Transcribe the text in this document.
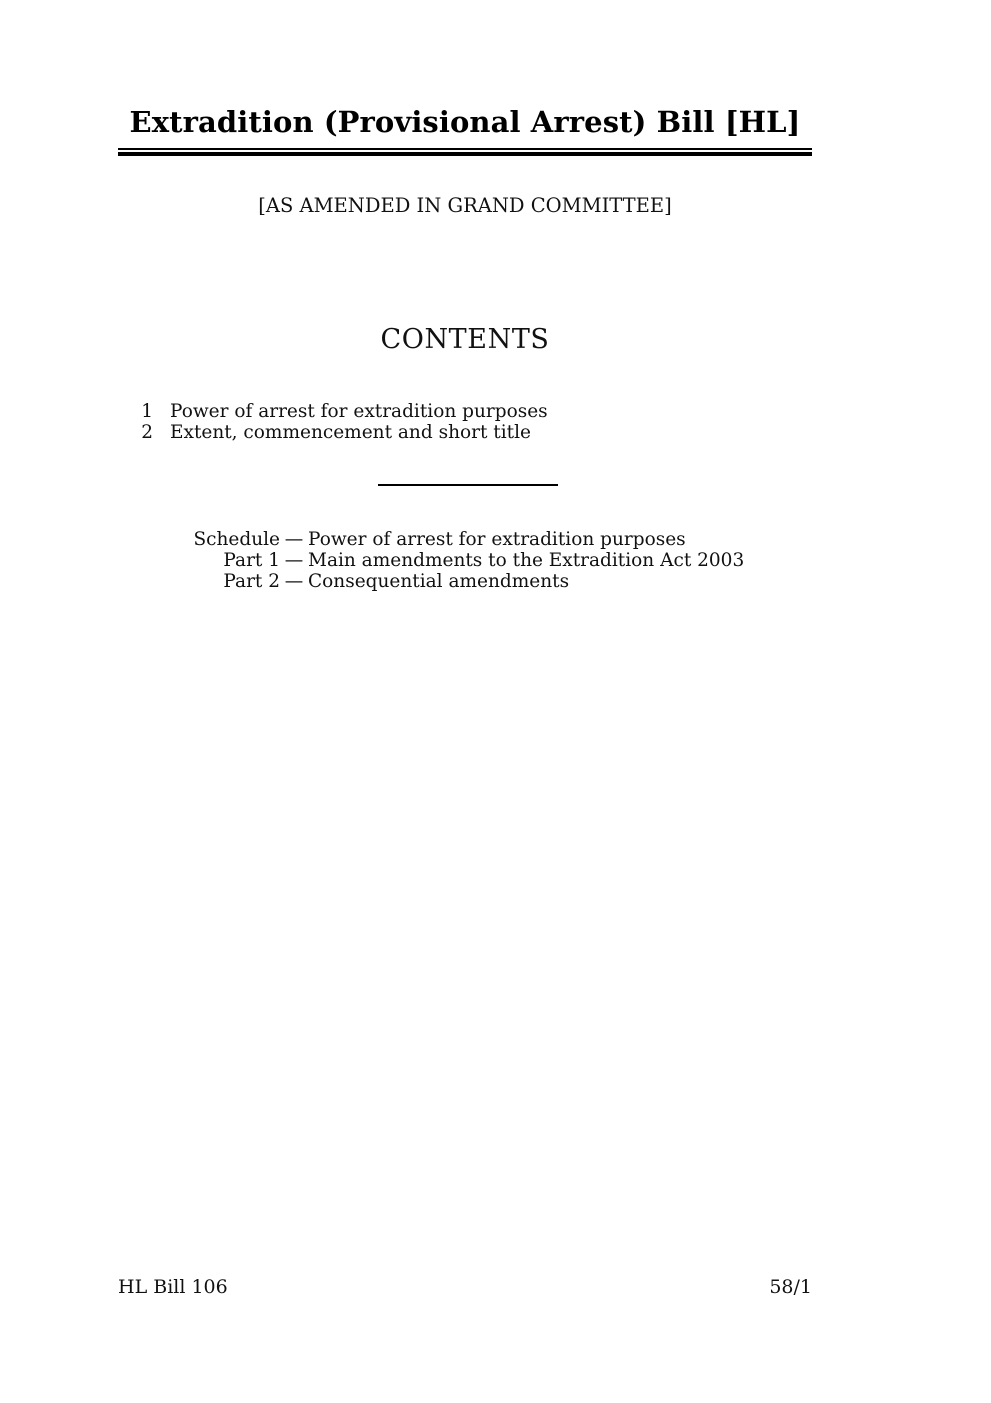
Extradition (Provisional Arrest) Bill [HL]
[AS AMENDED IN GRAND COMMITTEE]
CONTENTS
1 Power of arrest for extradition purposes
2 Extent, commencement and short title
Schedule — Power of arrest for extradition purposes
Part 1 — Main amendments to the Extradition Act 2003
Part 2 — Consequential amendments
HL Bill 106	58/1
